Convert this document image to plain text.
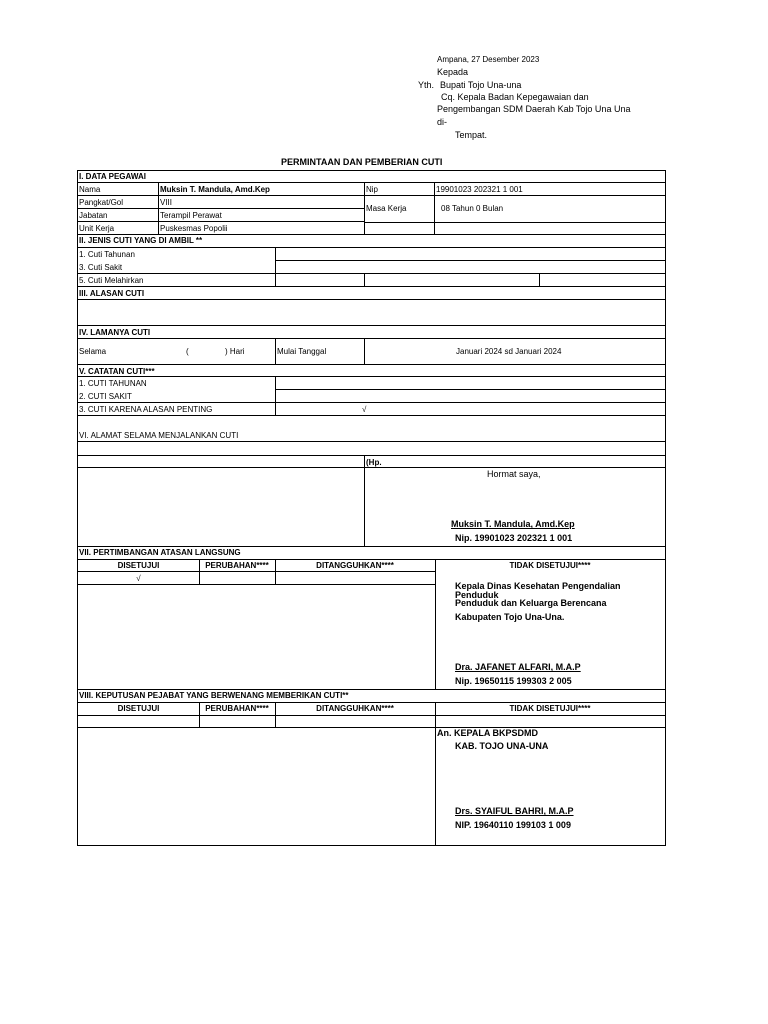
Ampana, 27 Desember 2023
Kepada
Yth. Bupati Tojo Una-una
Cq. Kepala Badan Kepegawaian dan
Pengembangan SDM Daerah Kab Tojo Una Una
di-
Tempat.
PERMINTAAN DAN PEMBERIAN CUTI
I. DATA PEGAWAI
Nama	Muksin T. Mandula, Amd.Kep	Nip	19901023 202321 1 001
Pangkat/Gol	VIII
Masa Kerja	08 Tahun 0 Bulan
Jabatan	Terampil Perawat
Unit Kerja	Puskesmas Popolii
II. JENIS CUTI YANG DI AMBIL **
1. Cuti Tahunan
3. Cuti Sakit
5. Cuti Melahirkan
III. ALASAN CUTI
IV. LAMANYA CUTI
Selama	(	) Hari	Mulai Tanggal	Januari 2024 sd Januari 2024
V. CATATAN CUTI***
1. CUTI TAHUNAN
2. CUTI SAKIT
3. CUTI KARENA ALASAN PENTING	√
VI. ALAMAT SELAMA MENJALANKAN CUTI
(Hp.
Hormat saya,
Muksin T. Mandula, Amd.Kep
Nip. 19901023 202321 1 001
VII. PERTIMBANGAN ATASAN LANGSUNG
DISETUJUI	PERUBAHAN****	DITANGGUHKAN****	TIDAK DISETUJUI****
√
Kepala Dinas Kesehatan Pengendalian
Penduduk
Penduduk dan Keluarga Berencana
Kabupaten Tojo Una-Una.
Dra. JAFANET ALFARI, M.A.P
Nip. 19650115 199303 2 005
VIII. KEPUTUSAN PEJABAT YANG BERWENANG MEMBERIKAN CUTI**
DISETUJUI	PERUBAHAN****	DITANGGUHKAN****	TIDAK DISETUJUI****
An. KEPALA BKPSDMD
KAB. TOJO UNA-UNA
Drs. SYAIFUL BAHRI, M.A.P
NIP. 19640110 199103 1 009
